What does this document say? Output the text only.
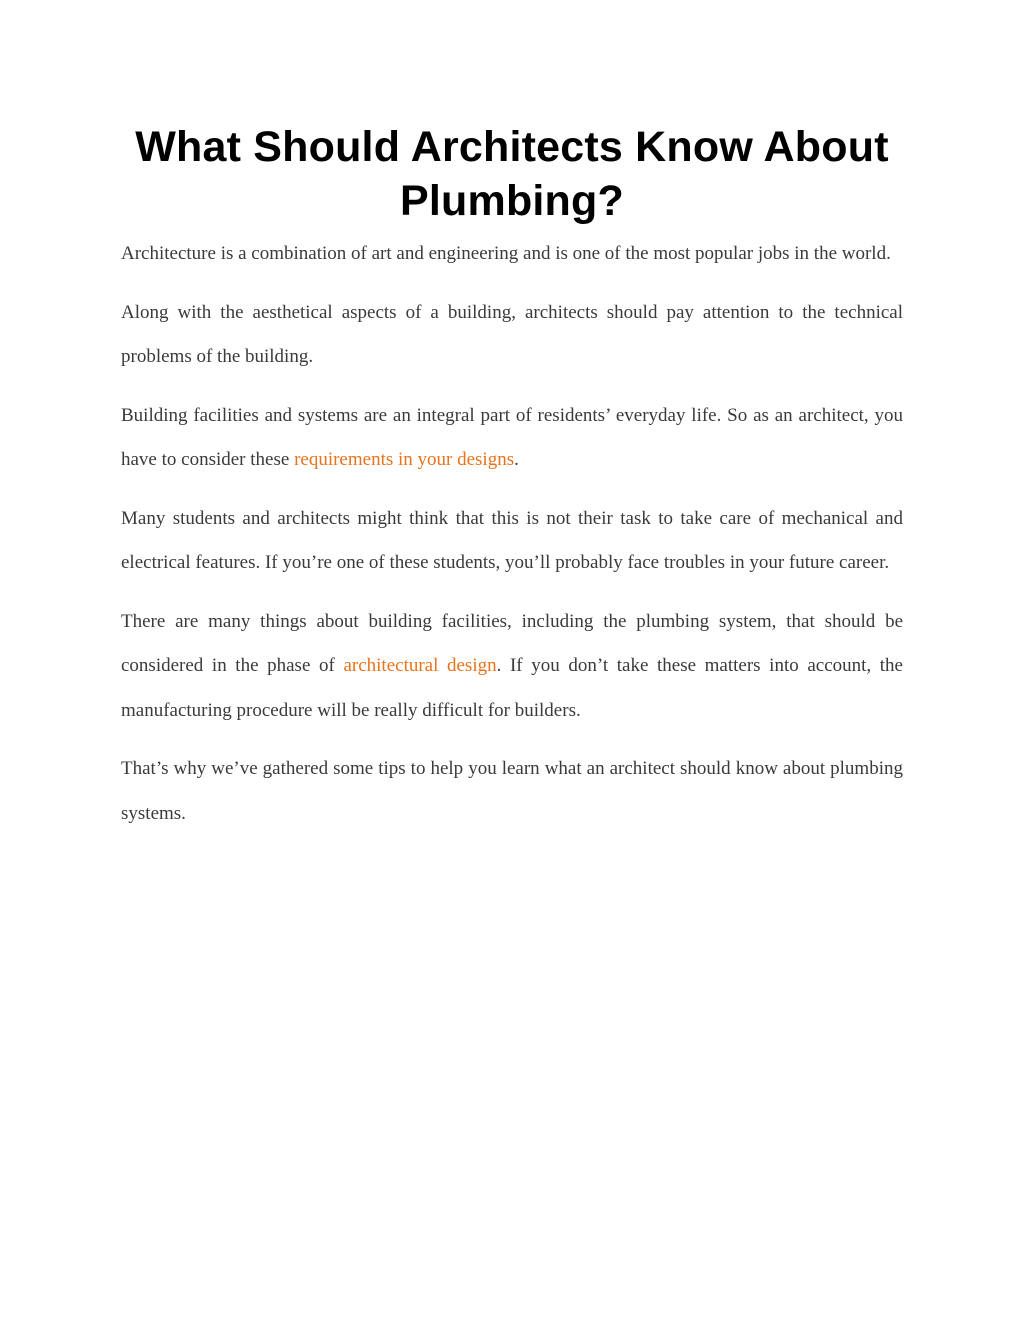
What Should Architects Know About Plumbing?

Architecture is a combination of art and engineering and is one of the most popular jobs in the world.

Along with the aesthetical aspects of a building, architects should pay attention to the technical problems of the building.

Building facilities and systems are an integral part of residents’ everyday life. So as an architect, you have to consider these requirements in your designs.

Many students and architects might think that this is not their task to take care of mechanical and electrical features. If you’re one of these students, you’ll probably face troubles in your future career.

There are many things about building facilities, including the plumbing system, that should be considered in the phase of architectural design. If you don’t take these matters into account, the manufacturing procedure will be really difficult for builders.

That’s why we’ve gathered some tips to help you learn what an architect should know about plumbing systems.
